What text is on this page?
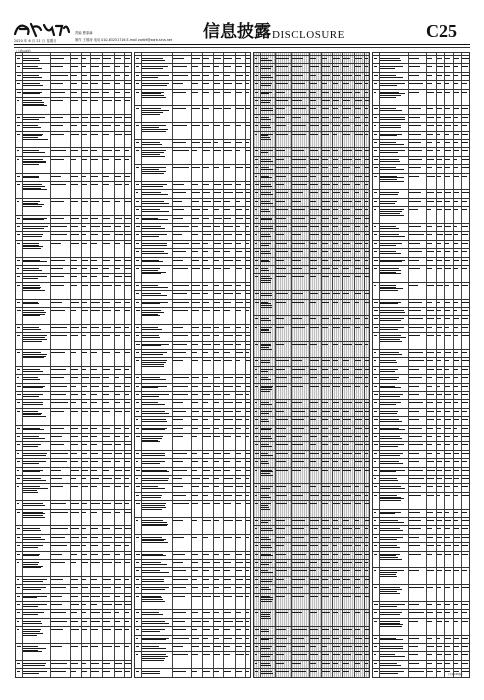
2020 年 6 月 21 日 星期日
责编 曹原赫
制作 王敬涛 电话 010-83251716 E-mail zqrb9@zqrb.sina.net 信息披露 DISCLOSURE	C25
(下转C26版)
